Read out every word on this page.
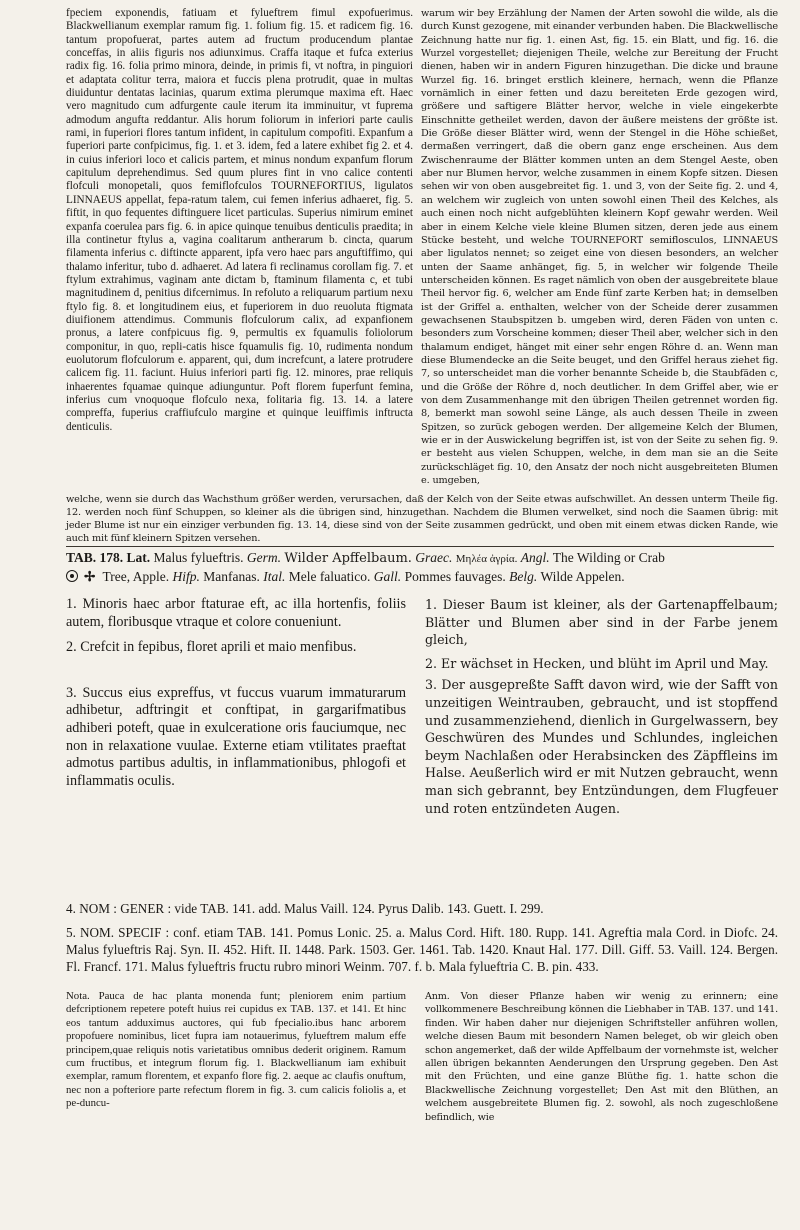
fpeciem exponendis, fatiuam et fylueftrem fimul expofuerimus. Blackwellianum exemplar ramum fig. 1. folium fig. 15. et radicem fig. 16. tantum propofuerat, partes autem ad fructum producendum plantae conceffas, in aliis figuris nos adiunximus. Craffa itaque et fufca exterius radix fig. 16. folia primo minora, deinde, in primis fi, vt noftra, in pinguiori et adaptata colitur terra, maiora et fuccis plena protrudit, quae in multas diuiduntur dentatas lacinias, quarum extima plerumque maxima eft. Haec vero magnitudo cum adfurgente caule iterum ita imminuitur, vt fuprema admodum angufta reddantur. Alis horum foliorum in inferiori parte caulis rami, in fuperiori flores tantum infident, in capitulum compofiti. Expanfum a fuperiori parte confpicimus, fig. 1. et 3. idem, fed a latere exhibet fig 2. et 4. in cuius inferiori loco et calicis partem, et minus nondum expanfum florum capitulum deprehendimus. Sed quum plures fint in vno calice contenti flofculi monopetali, quos femiflofculos TOURNEFORTIUS, ligulatos LINNAEUS appellat, fepa-ratum talem, cui femen inferius adhaeret, fig. 5. fiftit, in quo fequentes diftinguere licet particulas. Superius nimirum eminet expanfa coerulea pars fig. 6. in apice quinque tenuibus denticulis praedita; in illa continetur ftylus a, vagina coalitarum antherarum b. cincta, quarum filamenta inferius c. diftincte apparent, ipfa vero haec pars anguftiffimo, qui thalamo inferitur, tubo d. adhaeret. Ad latera fi reclinamus corollam fig. 7. et ftylum extrahimus, vaginam ante dictam b, ftaminum filamenta c, et tubi magnitudinem d, penitius difcernimus. In refoluto a reliquarum partium nexu ftylo fig. 8. et longitudinem eius, et fuperiorem in duo reuoluta ftigmata diuifionem attendimus. Communis flofculorum calix, ad expanfionem pronus, a latere confpicuus fig. 9, permultis ex fquamulis foliolorum componitur, in quo, repli-catis hisce fquamulis fig. 10, rudimenta nondum euolutorum flofculorum e. apparent, qui, dum increfcunt, a latere protrudere calicem fig. 11. faciunt. Huius inferiori parti fig. 12. minores, prae reliquis inhaerentes fquamae quinque adiunguntur. Poft florem fuperfunt femina, inferius cum vnoquoque flofculo nexa, folitaria fig. 13. 14. a latere compreffa, fuperius craffiufculo margine et quinque leuiffimis inftructa denticulis.
warum wir bey Erzählung der Namen der Arten sowohl die wilde, als die durch Kunst gezogene, mit einander verbunden haben. Die Blackwellische Zeichnung hatte nur fig. 1. einen Ast, fig. 15. ein Blatt, und fig. 16. die Wurzel vorgestellet; diejenigen Theile, welche zur Bereitung der Frucht dienen, haben wir in andern Figuren hinzugethan. Die dicke und braune Wurzel fig. 16. bringet erstlich kleinere, hernach, wenn die Pflanze vornämlich in einer fetten und dazu bereiteten Erde gezogen wird, größere und saftigere Blätter hervor, welche in viele eingekerbte Einschnitte getheilet werden, davon der äußere meistens der größte ist. Die Größe dieser Blätter wird, wenn der Stengel in die Höhe schießet, dermaßen verringert, daß die obern ganz enge erscheinen. Aus dem Zwischenraume der Blätter kommen unten an dem Stengel Aeste, oben aber nur Blumen hervor, welche zusammen in einem Kopfe sitzen. Diesen sehen wir von oben ausgebreitet fig. 1. und 3, von der Seite fig. 2. und 4, an welchem wir zugleich von unten sowohl einen Theil des Kelches, als auch einen noch nicht aufgeblühten kleinern Kopf gewahr werden. Weil aber in einem Kelche viele kleine Blumen sitzen, deren jede aus einem Stücke besteht, und welche TOURNEFORT semiflosculos, LINNAEUS aber ligulatos nennet; so zeiget eine von diesen besonders, an welcher unten der Saame anhänget, fig. 5, in welcher wir folgende Theile unterscheiden können. Es raget nämlich von oben der ausgebreitete blaue Theil hervor fig. 6, welcher am Ende fünf zarte Kerben hat; in demselben ist der Griffel a. enthalten, welcher von der Scheide derer zusammen gewachsenen Staubspitzen b. umgeben wird, deren Fäden von unten c. besonders zum Vorscheine kommen; dieser Theil aber, welcher sich in den thalamum endiget, hänget mit einer sehr engen Röhre d. an. Wenn man diese Blumendecke an die Seite beuget, und den Griffel heraus ziehet fig. 7, so unterscheidet man die vorher benannte Scheide b, die Staubfäden c, und die Größe der Röhre d, noch deutlicher. In dem Griffel aber, wie er von dem Zusammenhange mit den übrigen Theilen getrennet worden fig. 8, bemerkt man sowohl seine Länge, als auch dessen Theile in zween Spitzen, so zurück gebogen werden. Der allgemeine Kelch der Blumen, wie er in der Auswickelung begriffen ist, ist von der Seite zu sehen fig. 9. er besteht aus vielen Schuppen, welche, in dem man sie an die Seite zurückschläget fig. 10, den Ansatz der noch nicht ausgebreiteten Blumen e. umgeben,
welche, wenn sie durch das Wachsthum größer werden, verursachen, daß der Kelch von der Seite etwas aufschwillet. An dessen unterm Theile fig. 12. werden noch fünf Schuppen, so kleiner als die übrigen sind, hinzugethan. Nachdem die Blumen verwelket, sind noch die Saamen übrig: mit jeder Blume ist nur ein einziger verbunden fig. 13. 14, diese sind von der Seite zusammen gedrückt, und oben mit einem etwas dicken Rande, wie auch mit fünf kleinern Spitzen versehen.
TAB. 178. Lat. Malus fylueftris. Germ. Wilder Apffelbaum. Graec. Μηλέα ἀγρία. Angl. The Wilding or Crab
✢ Tree, Apple. Hifp. Manfanas. Ital. Mele faluatico. Gall. Pommes fauvages. Belg. Wilde Appelen.

1. Minoris haec arbor ftaturae eft, ac illa hortenfis, foliis autem, floribusque vtraque et colore conueniunt.

2. Crefcit in fepibus, floret aprili et maio menfibus.

3. Succus eius expreffus, vt fuccus vuarum immaturarum adhibetur, adftringit et conftipat, in gargarifmatibus adhiberi poteft, quae in exulceratione oris fauciumque, nec non in relaxatione vuulae. Externe etiam vtilitates praeftat admotus partibus adultis, in inflammationibus, phlogofi et inflammatis oculis.

1. Dieser Baum ist kleiner, als der Gartenapffelbaum; Blätter und Blumen aber sind in der Farbe jenem gleich,

2. Er wächset in Hecken, und blüht im April und May.

3. Der ausgepreßte Safft davon wird, wie der Safft von unzeitigen Weintrauben, gebraucht, und ist stopffend und zusammenziehend, dienlich in Gurgelwassern, bey Geschwüren des Mundes und Schlundes, ingleichen beym Nachlaßen oder Herabsincken des Zäpffleins im Halse. Aeußerlich wird er mit Nutzen gebraucht, wenn man sich gebrannt, bey Entzündungen, dem Flugfeuer und roten entzündeten Augen.

4. NOM : GENER : vide TAB. 141. add. Malus Vaill. 124. Pyrus Dalib. 143. Guett. I. 299.
5. NOM. SPECIF : conf. etiam TAB. 141. Pomus Lonic. 25. a. Malus Cord. Hift. 180. Rupp. 141. Agreftia mala Cord. in Diofc. 24. Malus fylueftris Raj. Syn. II. 452. Hift. II. 1448. Park. 1503. Ger. 1461. Tab. 1420. Knaut Hal. 177. Dill. Giff. 53. Vaill. 124. Bergen. Fl. Francf. 171. Malus fylueftris fructu rubro minori Weinm. 707. f. b. Mala fylueftria C. B. pin. 433.
Nota. Pauca de hac planta monenda funt; pleniorem enim partium defcriptionem repetere poteft huius rei cupidus ex TAB. 137. et 141. Et hinc eos tantum adduximus auctores, qui fub fpecialio.ibus hanc arborem propofuere nominibus, licet fupra iam notauerimus, fylueftrem malum effe principem,quae reliquis notis varietatibus omnibus dederit originem. Ramum cum fructibus, et integrum florum fig. 1. Blackwellianum iam exhibuit exemplar, ramum florentem, et expanfo flore fig. 2. aeque ac claufis onuftum, nec non a pofteriore parte refectum florem in fig. 3. cum calicis foliolis a, et pe-duncu-
Anm. Von dieser Pflanze haben wir wenig zu erinnern; eine vollkommenere Beschreibung können die Liebhaber in TAB. 137. und 141. finden. Wir haben daher nur diejenigen Schriftsteller anführen wollen, welche diesen Baum mit besondern Namen beleget, ob wir gleich oben schon angemerket, daß der wilde Apffelbaum der vornehmste ist, welcher allen übrigen bekannten Aenderungen den Ursprung gegeben. Den Ast mit den Früchten, und eine ganze Blüthe fig. 1. hatte schon die Blackwellische Zeichnung vorgestellet; Den Ast mit den Blüthen, an welchem ausgebreitete Blumen fig. 2. sowohl, als noch zugeschloßene befindlich, wie
